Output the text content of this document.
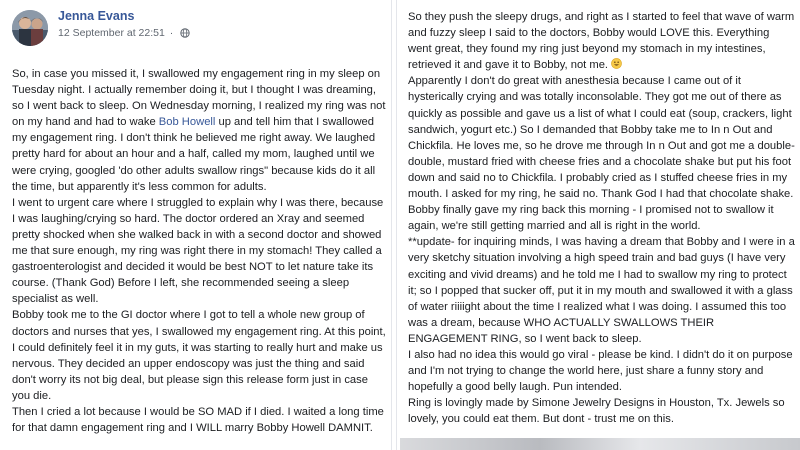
Jenna Evans
12 September at 22:51 ·

So, in case you missed it, I swallowed my engagement ring in my sleep on Tuesday night. I actually remember doing it, but I thought I was dreaming, so I went back to sleep. On Wednesday morning, I realized my ring was not on my hand and had to wake Bob Howell up and tell him that I swallowed my engagement ring. I don't think he believed me right away. We laughed pretty hard for about an hour and a half, called my mom, laughed until we were crying, googled 'do other adults swallow rings" because kids do it all the time, but apparently it's less common for adults.

I went to urgent care where I struggled to explain why I was there, because I was laughing/crying so hard. The doctor ordered an Xray and seemed pretty shocked when she walked back in with a second doctor and showed me that sure enough, my ring was right there in my stomach! They called a gastroenterologist and decided it would be best NOT to let nature take its course. (Thank God) Before I left, she recommended seeing a sleep specialist as well.

Bobby took me to the GI doctor where I got to tell a whole new group of doctors and nurses that yes, I swallowed my engagement ring. At this point, I could definitely feel it in my guts, it was starting to really hurt and make us nervous. They decided an upper endoscopy was just the thing and said don't worry its not big deal, but please sign this release form just in case you die.

Then I cried a lot because I would be SO MAD if I died. I waited a long time for that damn engagement ring and I WILL marry Bobby Howell DAMNIT.

So they push the sleepy drugs, and right as I started to feel that wave of warm and fuzzy sleep I said to the doctors, Bobby would LOVE this. Everything went great, they found my ring just beyond my stomach in my intestines, retrieved it and gave it to Bobby, not me.

Apparently I don't do great with anesthesia because I came out of it hysterically crying and was totally inconsolable. They got me out of there as quickly as possible and gave us a list of what I could eat (soup, crackers, light sandwich, yogurt etc.) So I demanded that Bobby take me to In n Out and Chickfila. He loves me, so he drove me through In n Out and got me a double-double, mustard fried with cheese fries and a chocolate shake but put his foot down and said no to Chickfila. I probably cried as I stuffed cheese fries in my mouth. I asked for my ring, he said no. Thank God I had that chocolate shake.

Bobby finally gave my ring back this morning - I promised not to swallow it again, we're still getting married and all is right in the world.

**update- for inquiring minds, I was having a dream that Bobby and I were in a very sketchy situation involving a high speed train and bad guys (I have very exciting and vivid dreams) and he told me I had to swallow my ring to protect it; so I popped that sucker off, put it in my mouth and swallowed it with a glass of water riiiight about the time I realized what I was doing. I assumed this too was a dream, because WHO ACTUALLY SWALLOWS THEIR ENGAGEMENT RING, so I went back to sleep.

I also had no idea this would go viral - please be kind. I didn't do it on purpose and I'm not trying to change the world here, just share a funny story and hopefully a good belly laugh. Pun intended.

Ring is lovingly made by Simone Jewelry Designs in Houston, Tx. Jewels so lovely, you could eat them. But dont - trust me on this.
